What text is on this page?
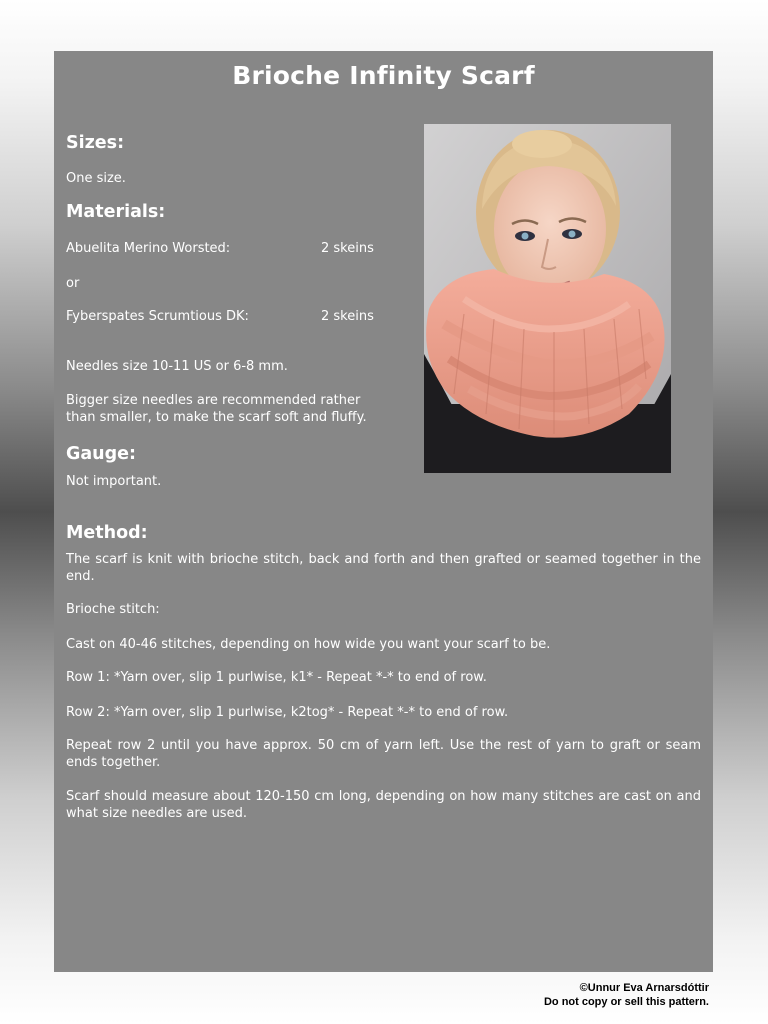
Brioche Infinity Scarf
Sizes:

One size.

Materials:

Abuelita Merino Worsted:	2 skeins

or

Fyberspates Scrumtious DK:	2 skeins

Needles size 10-11 US or 6-8 mm.

Bigger size needles are recommended rather

than smaller, to make the scarf soft and fluffy.

Gauge:

Not important.

Method:

The scarf is knit with brioche stitch, back and forth and then grafted or seamed together in the end.

Brioche stitch:

Cast on 40-46 stitches, depending on how wide you want your scarf to be.

Row 1: *Yarn over, slip 1 purlwise, k1* - Repeat *-* to end of row.

Row 2: *Yarn over, slip 1 purlwise, k2tog* - Repeat *-* to end of row.

Repeat row 2 until you have approx. 50 cm of yarn left. Use the rest of yarn to graft or seam ends together.

Scarf should measure about 120-150 cm long, depending on how many stitches are cast on and what size needles are used.

©Unnur Eva Arnarsdóttir
Do not copy or sell this pattern.
